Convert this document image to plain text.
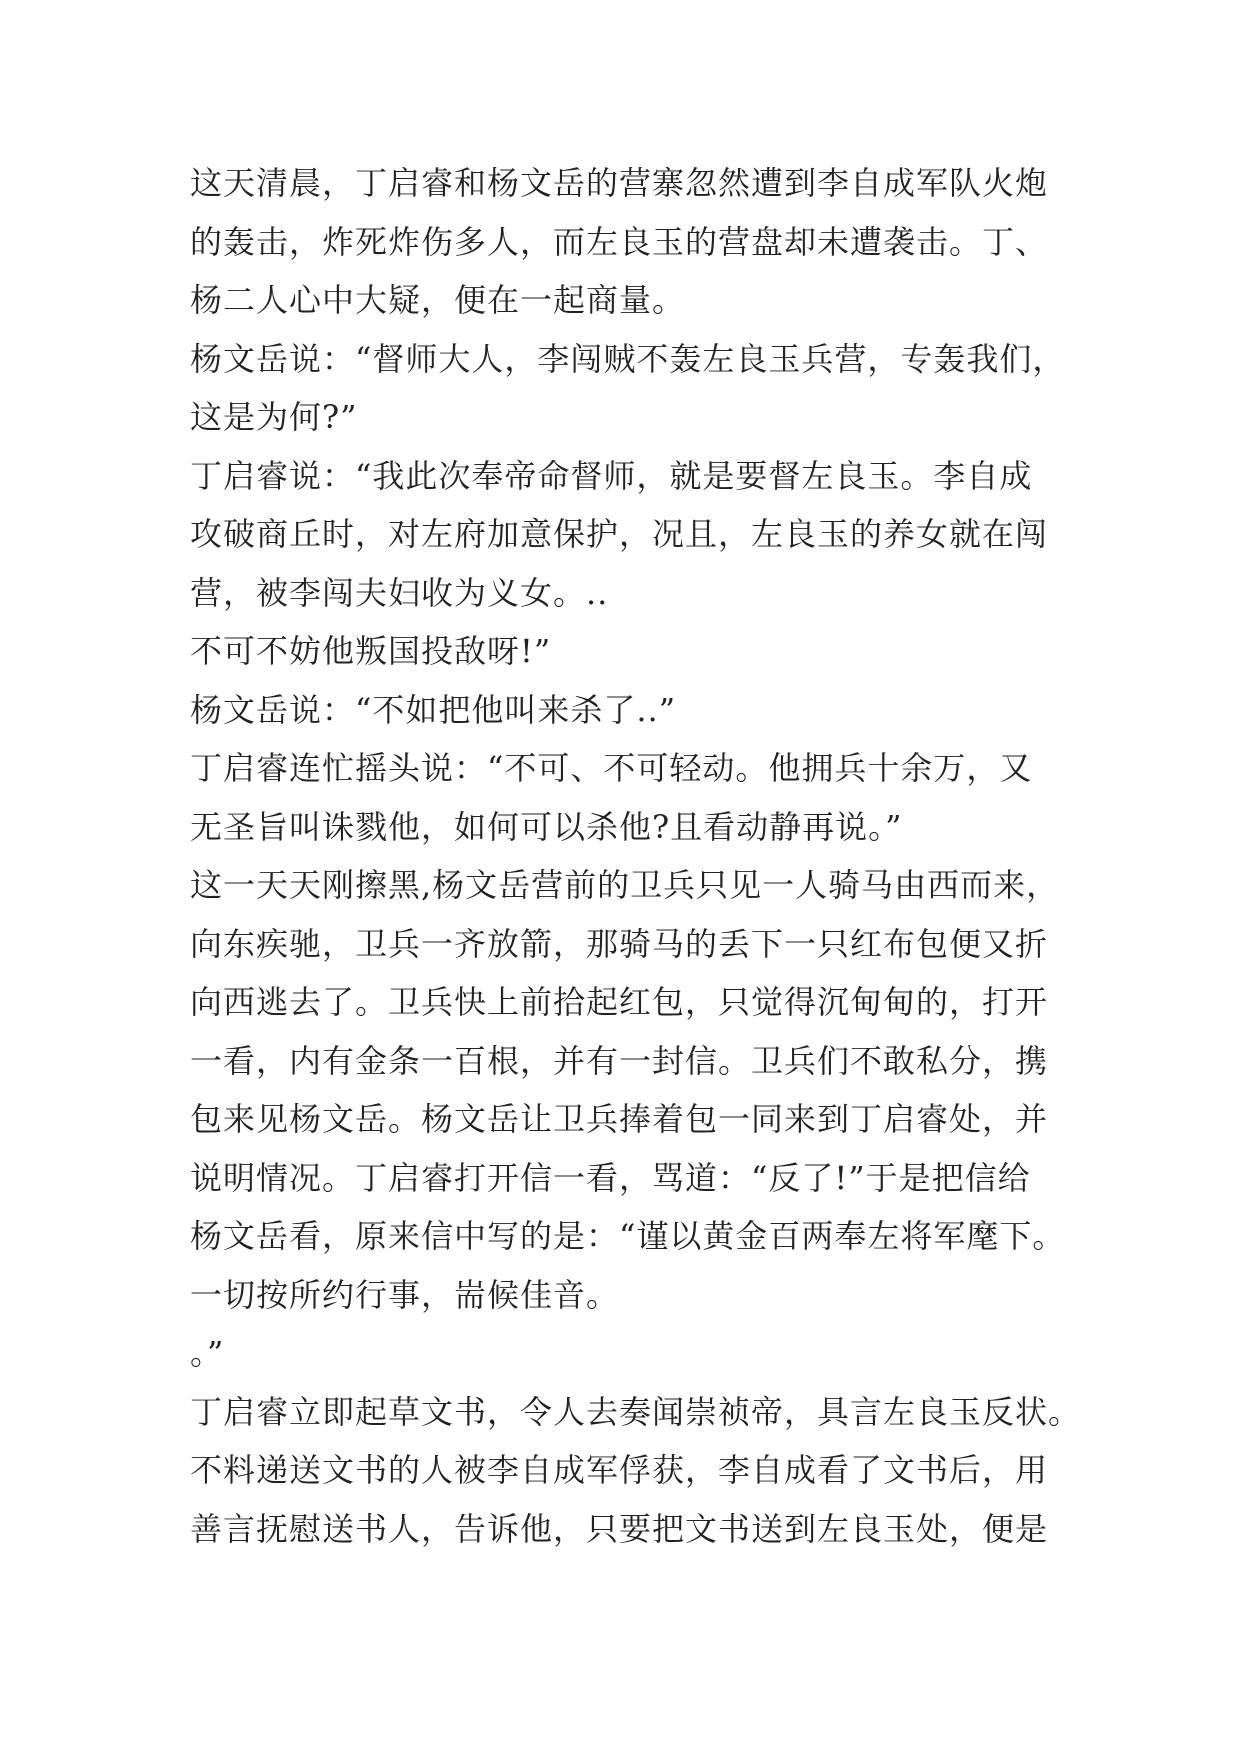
这天清晨，丁启睿和杨文岳的营寨忽然遭到李自成军队火炮

的轰击，炸死炸伤多人，而左良玉的营盘却未遭袭击。丁、

杨二人心中大疑，便在一起商量。

杨文岳说：“督师大人，李闯贼不轰左良玉兵营，专轰我们，

这是为何?”

丁启睿说：“我此次奉帝命督师，就是要督左良玉。李自成

攻破商丘时，对左府加意保护，况且，左良玉的养女就在闯

营，被李闯夫妇收为义女。..

不可不妨他叛国投敌呀!”

杨文岳说：“不如把他叫来杀了..”

丁启睿连忙摇头说：“不可、不可轻动。他拥兵十余万，又

无圣旨叫诛戮他，如何可以杀他?且看动静再说。”

这一天天刚擦黑,杨文岳营前的卫兵只见一人骑马由西而来，

向东疾驰，卫兵一齐放箭，那骑马的丢下一只红布包便又折

向西逃去了。卫兵快上前拾起红包，只觉得沉甸甸的，打开

一看，内有金条一百根，并有一封信。卫兵们不敢私分，携

包来见杨文岳。杨文岳让卫兵捧着包一同来到丁启睿处，并

说明情况。丁启睿打开信一看，骂道：“反了!”于是把信给

杨文岳看，原来信中写的是：“谨以黄金百两奉左将军麾下。

一切按所约行事，耑候佳音。

。”

丁启睿立即起草文书，令人去奏闻崇祯帝，具言左良玉反状。

不料递送文书的人被李自成军俘获，李自成看了文书后，用

善言抚慰送书人，告诉他，只要把文书送到左良玉处，便是
